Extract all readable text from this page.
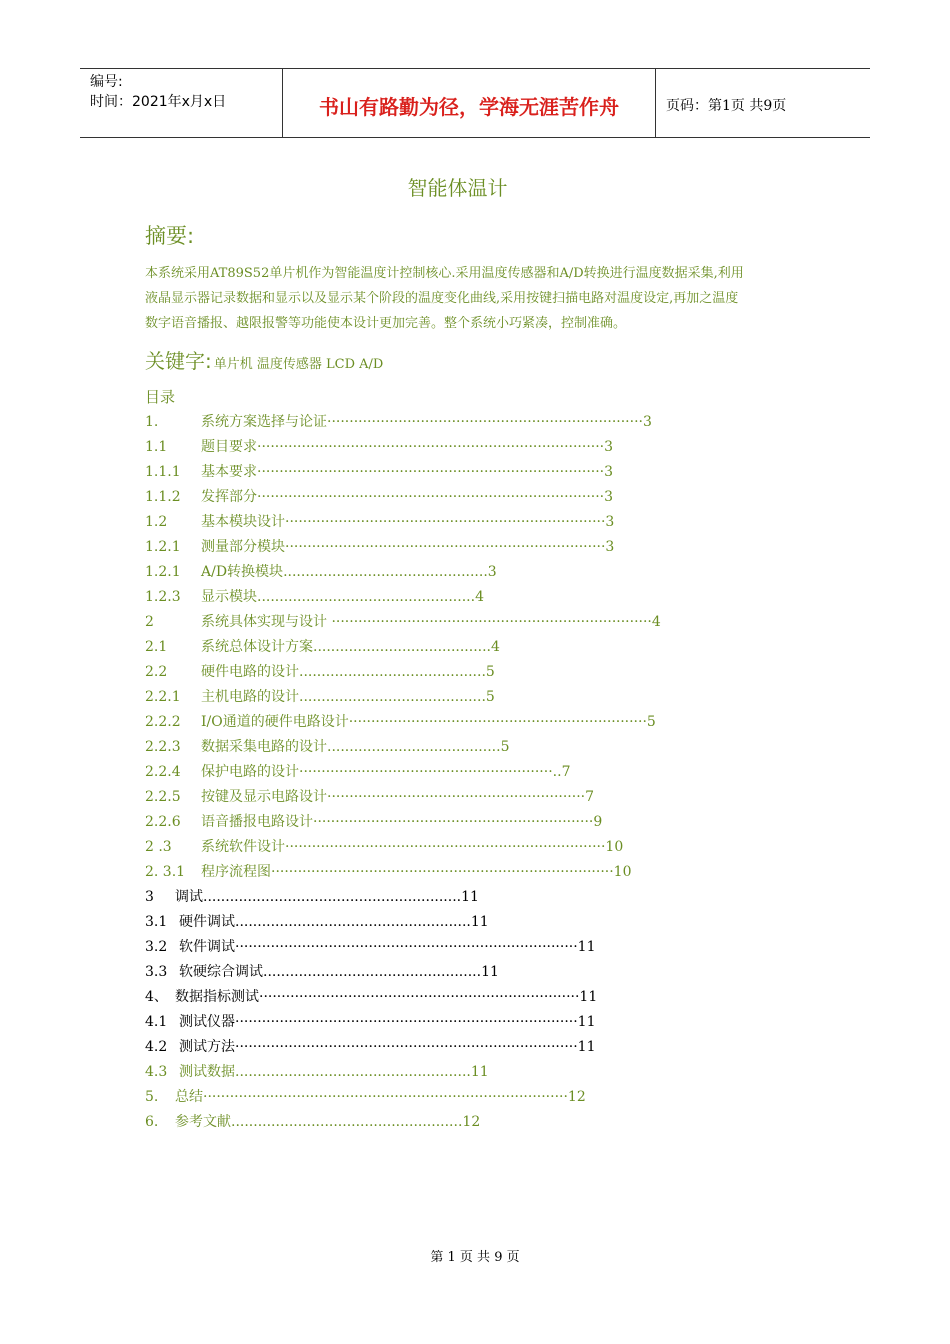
编号:
时间：2021年x月x日	书山有路勤为径，学海无涯苦作舟	页码：第1页 共9页
智能体温计
摘要:
本系统采用AT89S52单片机作为智能温度计控制核心.采用温度传感器和A/D转换进行温度数据采集,利用
液晶显示器记录数据和显示以及显示某个阶段的温度变化曲线,采用按键扫描电路对温度设定,再加之温度
数字语音播报、越限报警等功能使本设计更加完善。整个系统小巧紧凑，控制准确。
关键字: 单片机 温度传感器 LCD A/D
目录
1.	系统方案选择与论证·······································································3
1.1 题目要求··············································································3
1.1.1 基本要求··············································································3
1.1.2 发挥部分··············································································3
1.2 基本模块设计········································································3
1.2.1 测量部分模块········································································3
1.2.1 A/D转换模块..............................................3
1.2.3 显示模块.................................................4
2	系统具体实现与设计 ········································································4
2.1 系统总体设计方案........................................4
2.2 硬件电路的设计..........................................5
2.2.1 主机电路的设计..........................................5
2.2.2 I/O通道的硬件电路设计···································································5
2.2.3 数据采集电路的设计.......................................5
2.2.4 保护电路的设计·························································..7
2.2.5 按键及显示电路设计··························································7
2.2.6 语音播报电路设计·······························································9
2 .3 系统软件设计········································································10
2. 3.1 程序流程图·············································································10
3 调试..........................................................11
3.1 硬件调试.....................................................11
3.2 软件调试·············································································11
3.3 软硬综合调试.................................................11
4、 数据指标测试········································································11
4.1 测试仪器·············································································11
4.2 测试方法·············································································11
4.3 测试数据.....................................................11
5. 总结··················································································12
6. 参考文献....................................................12
第 1 页 共 9 页
